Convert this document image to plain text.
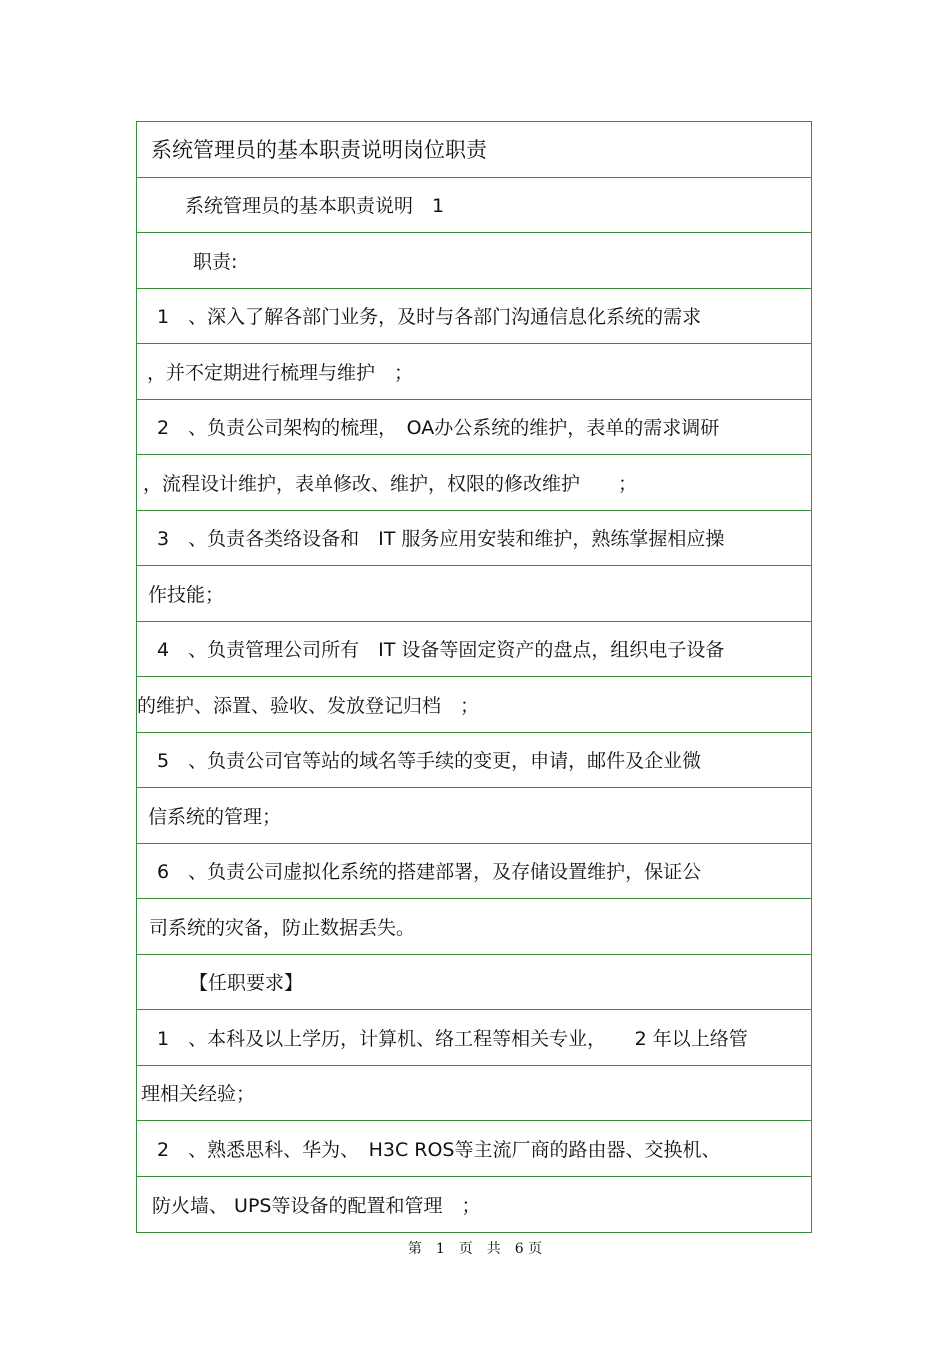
系统管理员的基本职责说明岗位职责
系统管理员的基本职责说明　1
职责:
1　、深入了解各部门业务，及时与各部门沟通信息化系统的需求
，并不定期进行梳理与维护　；
2　、负责公司架构的梳理，　OA办公系统的维护，表单的需求调研
，流程设计维护，表单修改、维护，权限的修改维护　　；
3　、负责各类络设备和　IT 服务应用安装和维护，熟练掌握相应操
作技能；
4　、负责管理公司所有　IT 设备等固定资产的盘点，组织电子设备
的维护、添置、验收、发放登记归档　；
5　、负责公司官等站的域名等手续的变更，申请，邮件及企业微
信系统的管理；
6　、负责公司虚拟化系统的搭建部署，及存储设置维护，保证公
司系统的灾备，防止数据丢失。
【任职要求】
1　、本科及以上学历，计算机、络工程等相关专业，　　2 年以上络管
理相关经验；
2　、熟悉思科、华为、　H3C ROS等主流厂商的路由器、交换机、
防火墙、 UPS等设备的配置和管理　；
第　1　页　共　6 页
